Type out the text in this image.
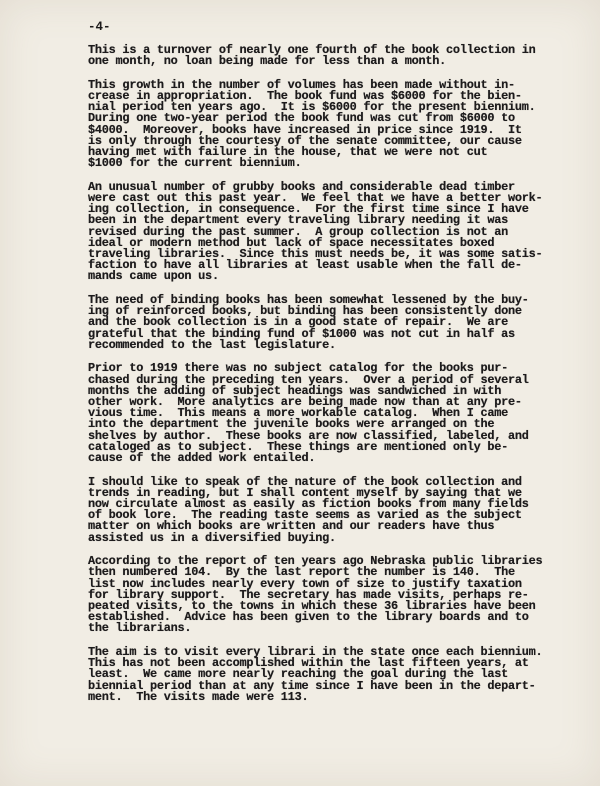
-4-
This is a turnover of nearly one fourth of the book collection in
one month, no loan being made for less than a month.
This growth in the number of volumes has been made without in-
crease in appropriation.  The book fund was $6000 for the bien-
nial period ten years ago.  It is $6000 for the present biennium.
During one two-year period the book fund was cut from $6000 to
$4000.  Moreover, books have increased in price since 1919.  It
is only through the courtesy of the senate committee, our cause
having met with failure in the house, that we were not cut
$1000 for the current biennium.
An unusual number of grubby books and considerable dead timber
were cast out this past year.  We feel that we have a better work-
ing collection, in consequence.  For the first time since I have
been in the department every traveling library needing it was
revised during the past summer.  A group collection is not an
ideal or modern method but lack of space necessitates boxed
traveling libraries.  Since this must needs be, it was some satis-
faction to have all libraries at least usable when the fall de-
mands came upon us.
The need of binding books has been somewhat lessened by the buy-
ing of reinforced books, but binding has been consistently done
and the book collection is in a good state of repair.  We are
grateful that the binding fund of $1000 was not cut in half as
recommended to the last legislature.
Prior to 1919 there was no subject catalog for the books pur-
chased during the preceding ten years.  Over a period of several
months the adding of subject headings was sandwiched in with
other work.  More analytics are being made now than at any pre-
vious time.  This means a more workable catalog.  When I came
into the department the juvenile books were arranged on the
shelves by author.  These books are now classified, labeled, and
cataloged as to subject.  These things are mentioned only be-
cause of the added work entailed.
I should like to speak of the nature of the book collection and
trends in reading, but I shall content myself by saying that we
now circulate almost as easily as fiction books from many fields
of book lore.  The reading taste seems as varied as the subject
matter on which books are written and our readers have thus
assisted us in a diversified buying.
According to the report of ten years ago Nebraska public libraries
then numbered 104.  By the last report the number is 140.  The
list now includes nearly every town of size to justify taxation
for library support.  The secretary has made visits, perhaps re-
peated visits, to the towns in which these 36 libraries have been
established.  Advice has been given to the library boards and to
the librarians.
The aim is to visit every librari in the state once each biennium.
This has not been accomplished within the last fifteen years, at
least.  We came more nearly reaching the goal during the last
biennial period than at any time since I have been in the depart-
ment.  The visits made were 113.
